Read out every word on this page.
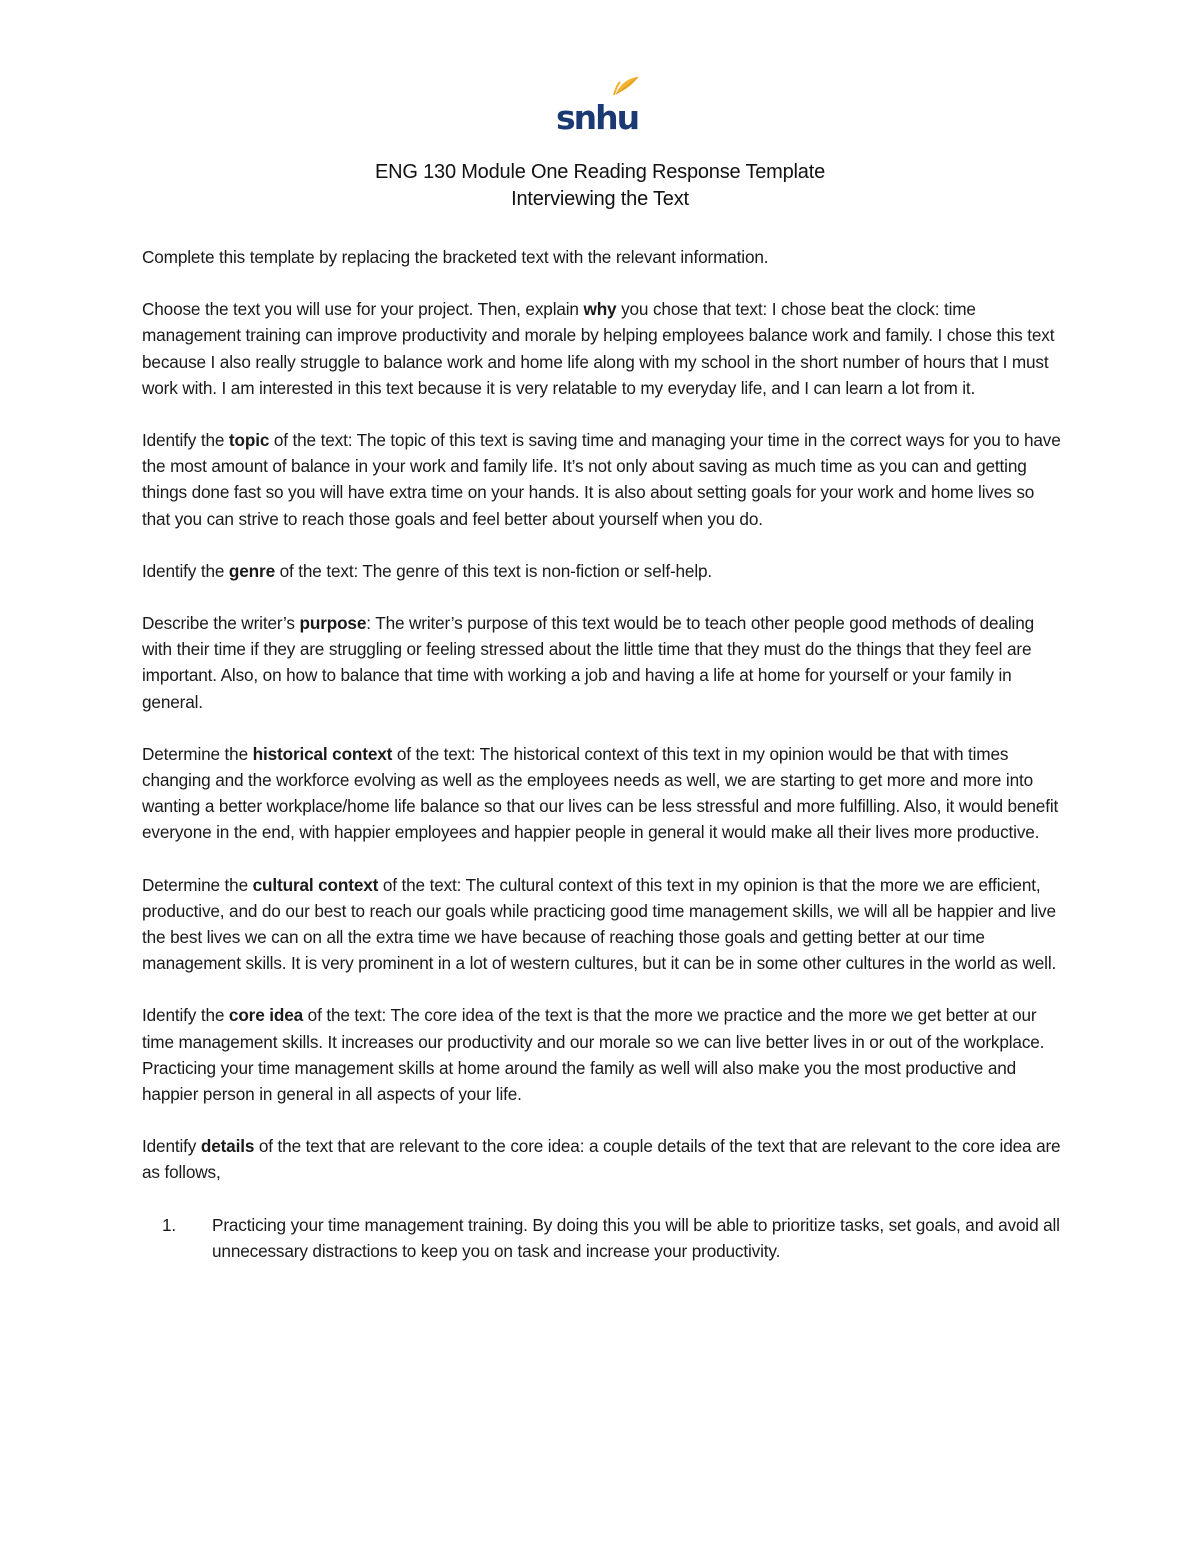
snhu
ENG 130 Module One Reading Response Template
Interviewing the Text

Complete this template by replacing the bracketed text with the relevant information.

Choose the text you will use for your project. Then, explain why you chose that text: I chose beat the clock: time management training can improve productivity and morale by helping employees balance work and family. I chose this text because I also really struggle to balance work and home life along with my school in the short number of hours that I must work with. I am interested in this text because it is very relatable to my everyday life, and I can learn a lot from it.

Identify the topic of the text: The topic of this text is saving time and managing your time in the correct ways for you to have the most amount of balance in your work and family life. It’s not only about saving as much time as you can and getting things done fast so you will have extra time on your hands. It is also about setting goals for your work and home lives so that you can strive to reach those goals and feel better about yourself when you do.

Identify the genre of the text: The genre of this text is non-fiction or self-help.

Describe the writer’s purpose: The writer’s purpose of this text would be to teach other people good methods of dealing with their time if they are struggling or feeling stressed about the little time that they must do the things that they feel are important. Also, on how to balance that time with working a job and having a life at home for yourself or your family in general.

Determine the historical context of the text: The historical context of this text in my opinion would be that with times changing and the workforce evolving as well as the employees needs as well, we are starting to get more and more into wanting a better workplace/home life balance so that our lives can be less stressful and more fulfilling. Also, it would benefit everyone in the end, with happier employees and happier people in general it would make all their lives more productive.

Determine the cultural context of the text: The cultural context of this text in my opinion is that the more we are efficient, productive, and do our best to reach our goals while practicing good time management skills, we will all be happier and live the best lives we can on all the extra time we have because of reaching those goals and getting better at our time management skills. It is very prominent in a lot of western cultures, but it can be in some other cultures in the world as well.

Identify the core idea of the text: The core idea of the text is that the more we practice and the more we get better at our time management skills. It increases our productivity and our morale so we can live better lives in or out of the workplace. Practicing your time management skills at home around the family as well will also make you the most productive and happier person in general in all aspects of your life.

Identify details of the text that are relevant to the core idea: a couple details of the text that are relevant to the core idea are as follows,

1. Practicing your time management training. By doing this you will be able to prioritize tasks, set goals, and avoid all unnecessary distractions to keep you on task and increase your productivity.
